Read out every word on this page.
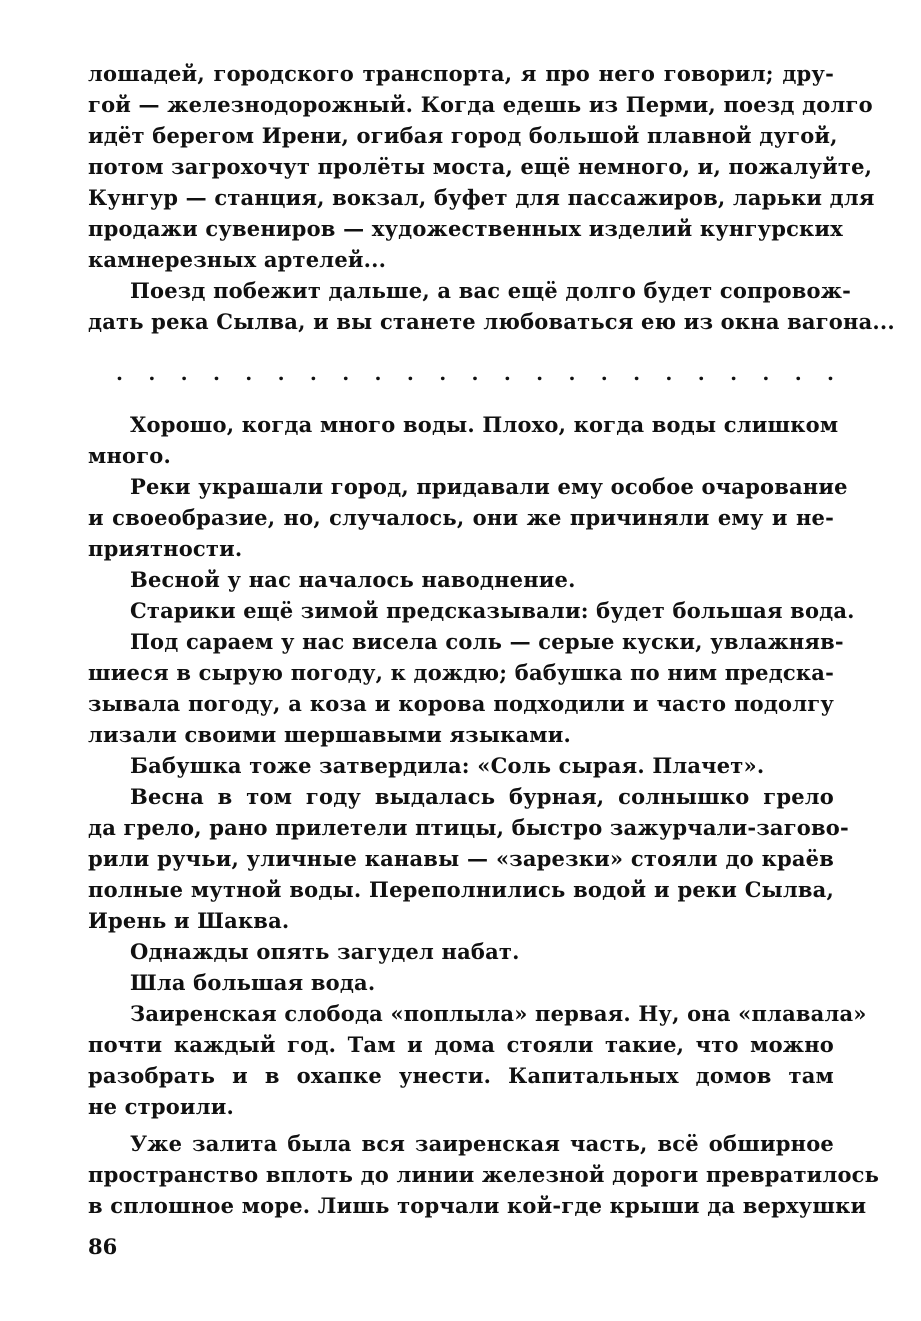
лошадей, городского транспорта, я про него говорил; дру-
гой — железнодорожный. Когда едешь из Перми, поезд долго
идёт берегом Ирени, огибая город большой плавной дугой,
потом загрохочут пролёты моста, ещё немного, и, пожалуйте,
Кунгур — станция, вокзал, буфет для пассажиров, ларьки для
продажи сувениров — художественных изделий кунгурских
камнерезных артелей...
Поезд побежит дальше, а вас ещё долго будет сопровож-
дать река Сылва, и вы станете любоваться ею из окна вагона...
. . . . . . . . . . . . . . . . . . . . . . .
Хорошо, когда много воды. Плохо, когда воды слишком
много.
Реки украшали город, придавали ему особое очарование
и своеобразие, но, случалось, они же причиняли ему и не-
приятности.
Весной у нас началось наводнение.
Старики ещё зимой предсказывали: будет большая вода.
Под сараем у нас висела соль — серые куски, увлажняв-
шиеся в сырую погоду, к дождю; бабушка по ним предска-
зывала погоду, а коза и корова подходили и часто подолгу
лизали своими шершавыми языками.
Бабушка тоже затвердила: «Соль сырая. Плачет».
Весна в том году выдалась бурная, солнышко грело
да грело, рано прилетели птицы, быстро зажурчали-загово-
рили ручьи, уличные канавы — «зарезки» стояли до краёв
полные мутной воды. Переполнились водой и реки Сылва,
Ирень и Шаква.
Однажды опять загудел набат.
Шла большая вода.
Заиренская слобода «поплыла» первая. Ну, она «плавала»
почти каждый год. Там и дома стояли такие, что можно
разобрать и в охапке унести. Капитальных домов там
не строили.
Уже залита была вся заиренская часть, всё обширное
пространство вплоть до линии железной дороги превратилось
в сплошное море. Лишь торчали кой-где крыши да верхушки
86
